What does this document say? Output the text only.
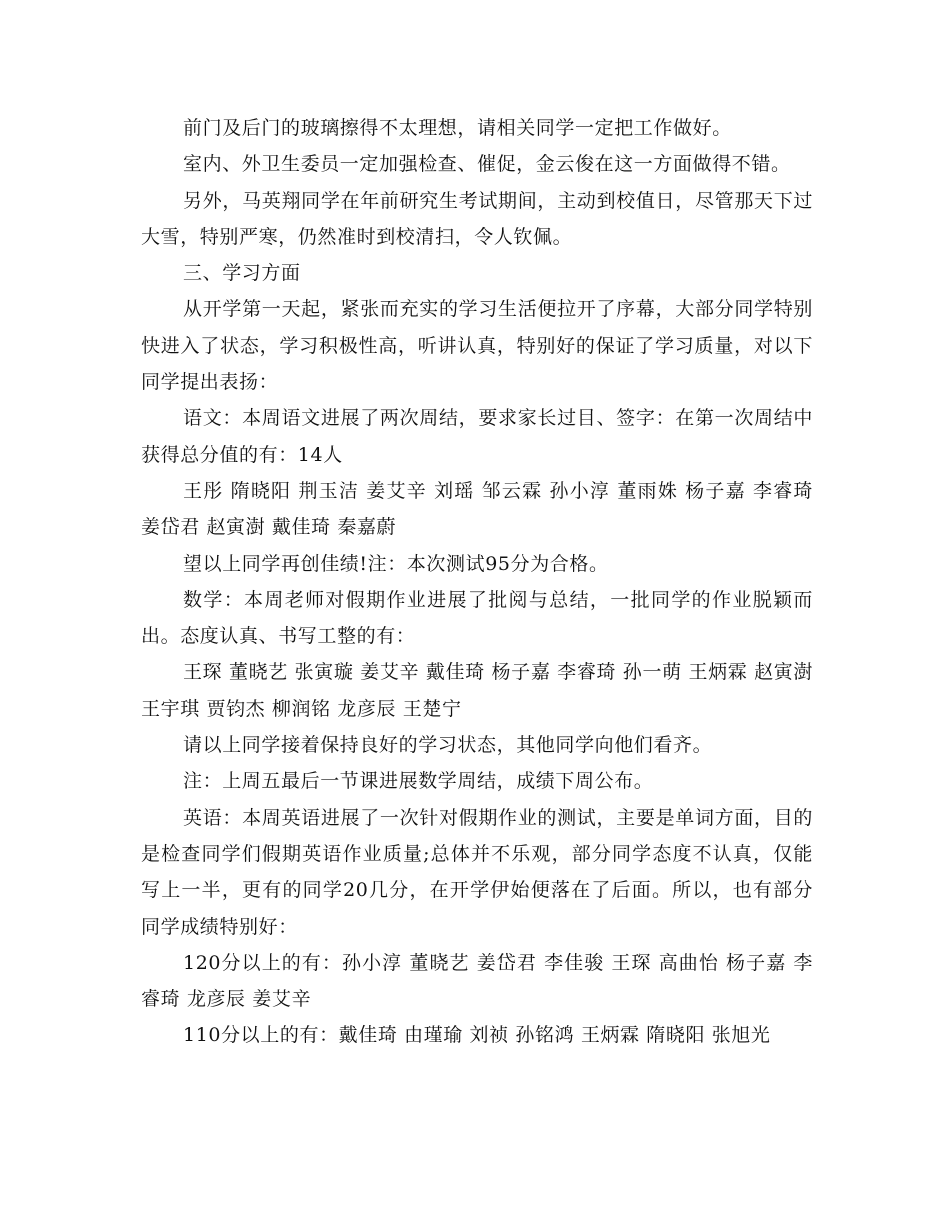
前门及后门的玻璃擦得不太理想，请相关同学一定把工作做好。

室内、外卫生委员一定加强检查、催促，金云俊在这一方面做得不错。

另外，马英翔同学在年前研究生考试期间，主动到校值日，尽管那天下过大雪，特别严寒，仍然准时到校清扫，令人钦佩。

三、学习方面

从开学第一天起，紧张而充实的学习生活便拉开了序幕，大部分同学特别快进入了状态，学习积极性高，听讲认真，特别好的保证了学习质量，对以下同学提出表扬：

语文：本周语文进展了两次周结，要求家长过目、签字：在第一次周结中获得总分值的有：14人

王彤 隋晓阳 荆玉洁 姜艾辛 刘瑶 邹云霖 孙小淳 董雨姝 杨子嘉 李睿琦 姜岱君 赵寅澍 戴佳琦 秦嘉蔚

望以上同学再创佳绩!注：本次测试95分为合格。

数学：本周老师对假期作业进展了批阅与总结，一批同学的作业脱颖而出。态度认真、书写工整的有：

王琛 董晓艺 张寅璇 姜艾辛 戴佳琦 杨子嘉 李睿琦 孙一萌 王炳霖 赵寅澍 王宇琪 贾钧杰 柳润铭 龙彦辰 王楚宁

请以上同学接着保持良好的学习状态，其他同学向他们看齐。

注：上周五最后一节课进展数学周结，成绩下周公布。

英语：本周英语进展了一次针对假期作业的测试，主要是单词方面，目的是检查同学们假期英语作业质量;总体并不乐观，部分同学态度不认真，仅能写上一半，更有的同学20几分，在开学伊始便落在了后面。所以，也有部分同学成绩特别好：

120分以上的有：孙小淳 董晓艺 姜岱君 李佳骏 王琛 高曲怡 杨子嘉 李睿琦 龙彦辰 姜艾辛

110分以上的有：戴佳琦 由瑾瑜 刘祯 孙铭鸿 王炳霖 隋晓阳 张旭光
